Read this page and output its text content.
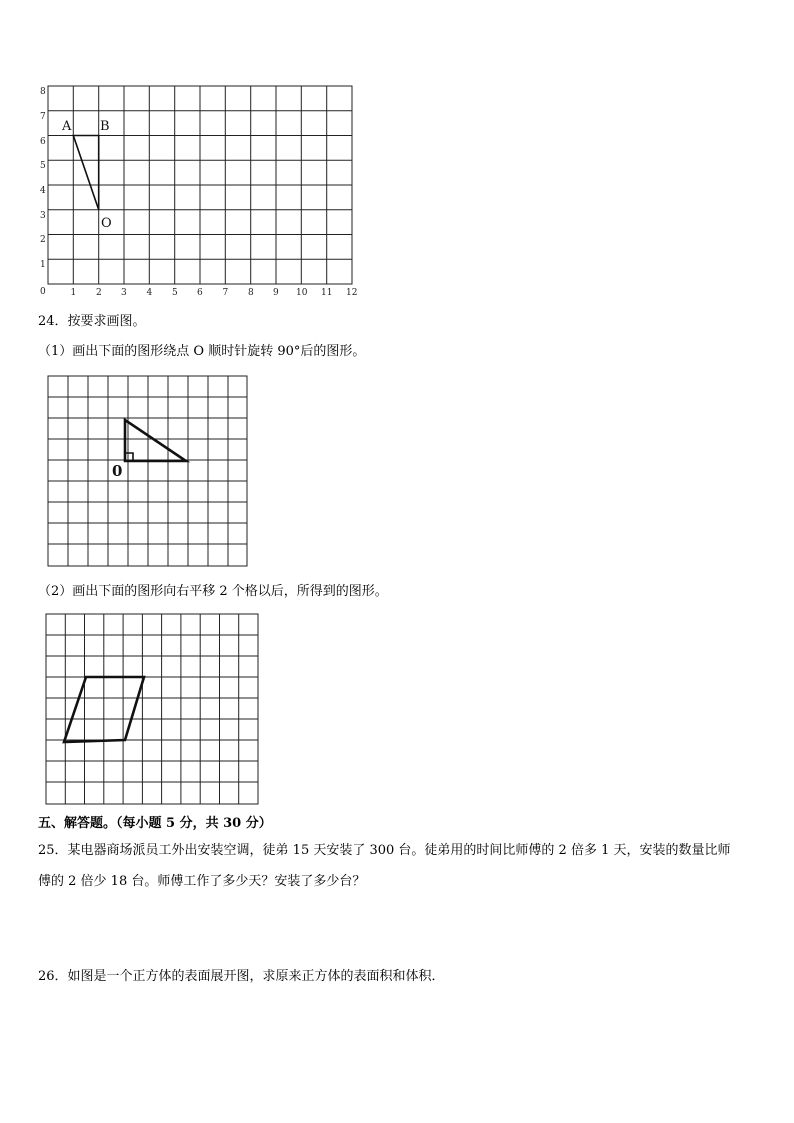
0
1
2
3
4
5
6
7
8
1 2 3 4 5 6 7 8 9 10 11 12
A B
O
24．按要求画图。
（1）画出下面的图形绕点 O 顺时针旋转 90°后的图形。
0
（2）画出下面的图形向右平移 2 个格以后，所得到的图形。
五、解答题。（每小题 5 分，共 30 分）
25．某电器商场派员工外出安装空调，徒弟 15 天安装了 300 台。徒弟用的时间比师傅的 2 倍多 1 天，安装的数量比师
傅的 2 倍少 18 台。师傅工作了多少天？安装了多少台？
26．如图是一个正方体的表面展开图，求原来正方体的表面积和体积．
